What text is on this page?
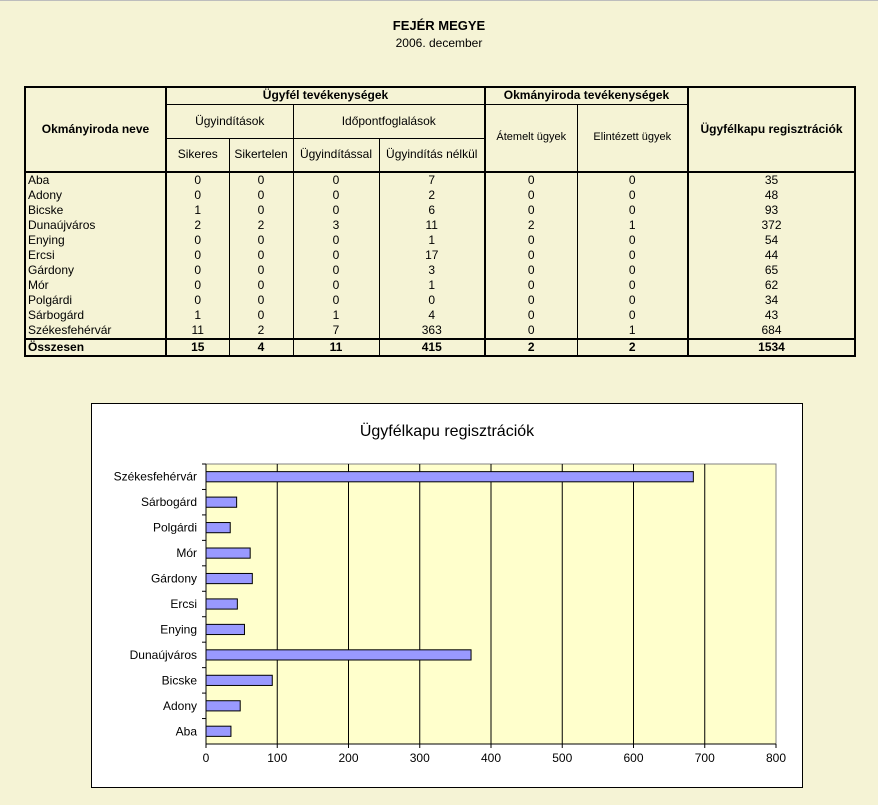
FEJÉR MEGYE
2006. december
Okmányiroda neve	Ügyfél tevékenységek				Okmányiroda tevékenységek		Ügyfélkapu regisztrációk
	Ügyindítások		Időpontfoglalások		Átemelt ügyek	Elintézett ügyek	
	Sikeres	Sikertelen	Ügyindítással	Ügyindítás nélkül			
Aba	0	0	0	7	0	0	35
Adony	0	0	0	2	0	0	48
Bicske	1	0	0	6	0	0	93
Dunaújváros	2	2	3	11	2	1	372
Enying	0	0	0	1	0	0	54
Ercsi	0	0	0	17	0	0	44
Gárdony	0	0	0	3	0	0	65
Mór	0	0	0	1	0	0	62
Polgárdi	0	0	0	0	0	0	34
Sárbogárd	1	0	1	4	0	0	43
Székesfehérvár	11	2	7	363	0	1	684
Összesen	15	4	11	415	2	2	1534
Ügyfélkapu regisztrációk
0	100	200	300	400	500	600	700	800
Székesfehérvár
Sárbogárd
Polgárdi
Mór
Gárdony
Ercsi
Enying
Dunaújváros
Bicske
Adony
Aba
